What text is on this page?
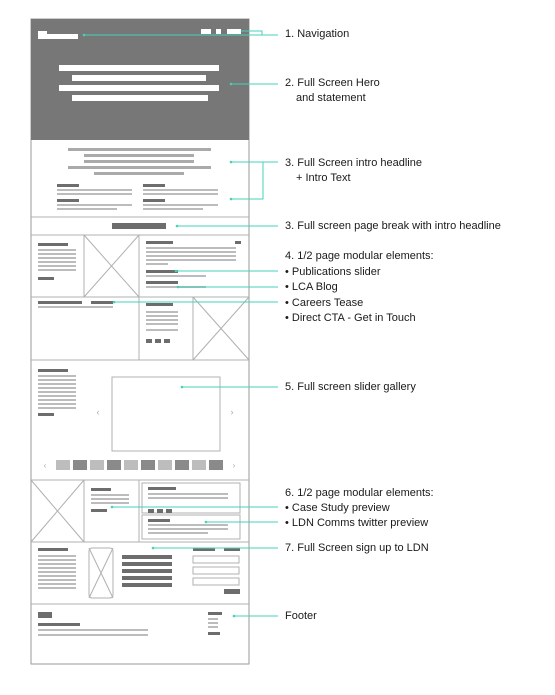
‹	›
‹	›
1. Navigation
2. Full Screen Hero
and statement
3. Full Screen intro headline
+ Intro Text
3. Full screen page break with intro headline
4. 1/2 page modular elements:
• Publications slider
• LCA Blog
• Careers Tease
• Direct CTA - Get in Touch
5. Full screen slider gallery
6. 1/2 page modular elements:
• Case Study preview
• LDN Comms twitter preview
7. Full Screen sign up to LDN
Footer
